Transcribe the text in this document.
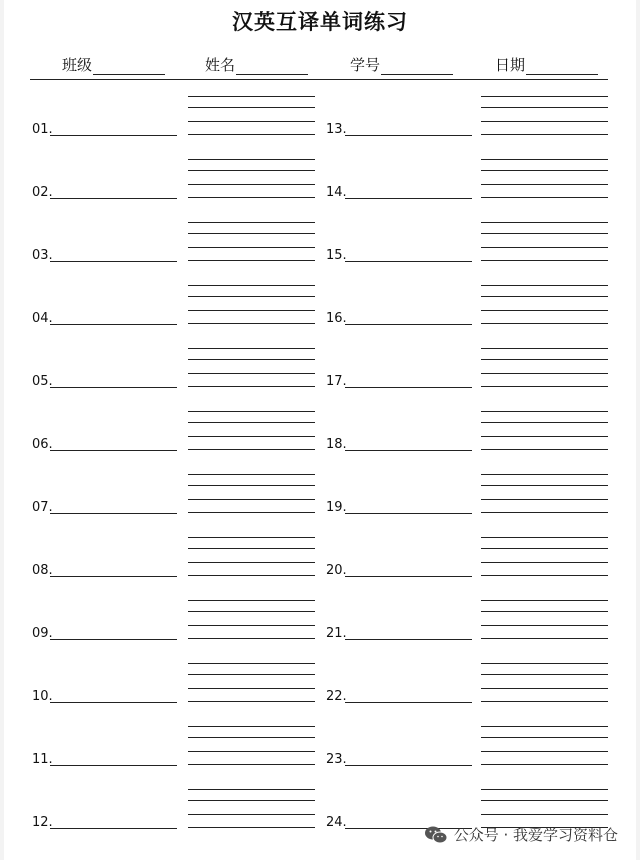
汉英互译单词练习
班级	姓名	学号	日期
01.	13.
02.	14.
03.	15.
04.	16.
05.	17.
06.	18.
07.	19.
08.	20.
09.	21.
10.	22.
11.	23.
12.	24.
公众号 · 我爱学习资料仓
